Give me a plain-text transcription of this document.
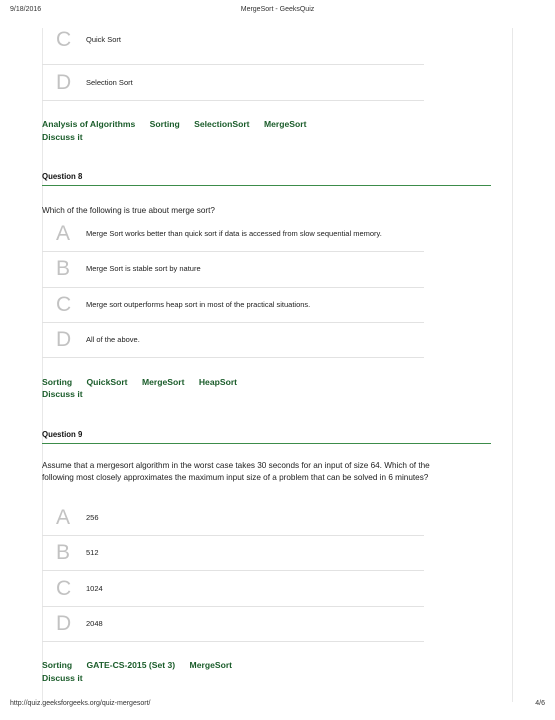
9/18/2016	MergeSort - GeeksQuiz
C Quick Sort
D Selection Sort
Analysis of Algorithms Sorting SelectionSort MergeSort
Discuss it
Question 8
Which of the following is true about merge sort?
A Merge Sort works better than quick sort if data is accessed from slow sequential memory.
B Merge Sort is stable sort by nature
C Merge sort outperforms heap sort in most of the practical situations.
D All of the above.
Sorting QuickSort MergeSort HeapSort
Discuss it
Question 9
Assume that a mergesort algorithm in the worst case takes 30 seconds for an input of size 64. Which of the following most closely approximates the maximum input size of a problem that can be solved in 6 minutes?
A 256
B 512
C 1024
D 2048
Sorting GATE-CS-2015 (Set 3) MergeSort
Discuss it
http://quiz.geeksforgeeks.org/quiz-mergesort/	4/6
